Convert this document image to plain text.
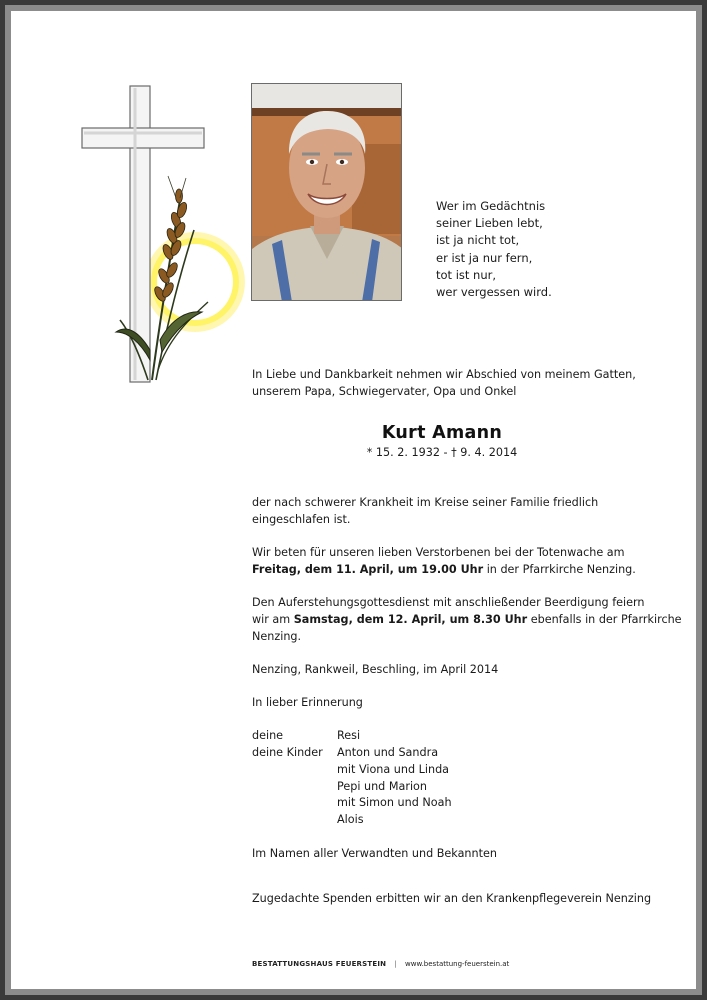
Wer im Gedächtnis
seiner Lieben lebt,
ist ja nicht tot,
er ist ja nur fern,
tot ist nur,
wer vergessen wird.
In Liebe und Dankbarkeit nehmen wir Abschied von meinem Gatten,
unserem Papa, Schwiegervater, Opa und Onkel
Kurt Amann
* 15. 2. 1932 - † 9. 4. 2014
der nach schwerer Krankheit im Kreise seiner Familie friedlich
eingeschlafen ist.
Wir beten für unseren lieben Verstorbenen bei der Totenwache am
Freitag, dem 11. April, um 19.00 Uhr in der Pfarrkirche Nenzing.
Den Auferstehungsgottesdienst mit anschließender Beerdigung feiern
wir am Samstag, dem 12. April, um 8.30 Uhr ebenfalls in der Pfarrkirche
Nenzing.
Nenzing, Rankweil, Beschling, im April 2014
In lieber Erinnerung
deine	Resi
deine Kinder Anton und Sandra
mit Viona und Linda
Pepi und Marion
mit Simon und Noah
Alois
Im Namen aller Verwandten und Bekannten
Zugedachte Spenden erbitten wir an den Krankenpflegeverein Nenzing
BESTATTUNGSHAUS FEUERSTEIN | www.bestattung-feuerstein.at
